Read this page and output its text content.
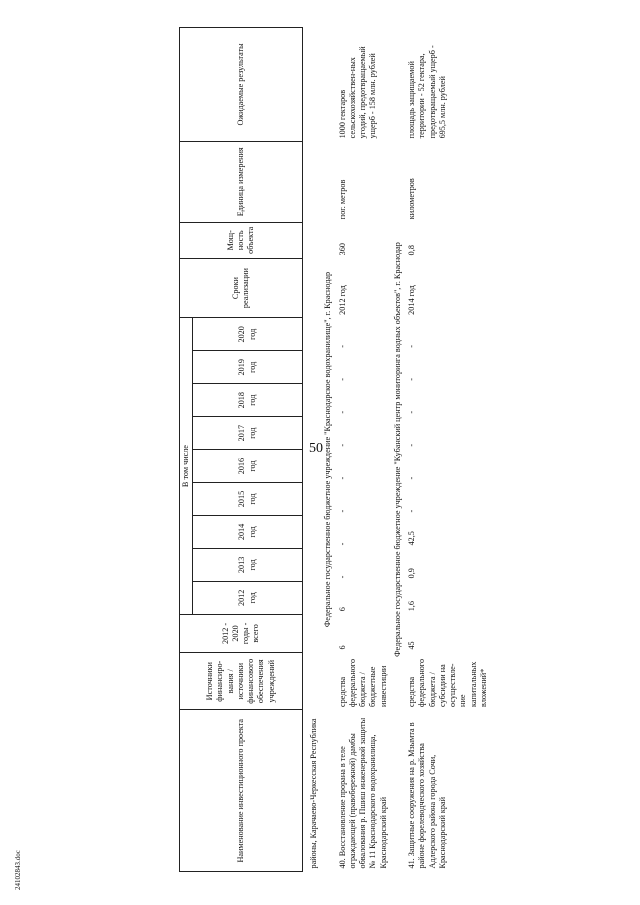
50
2410284З.doc
Наименование инвестиционного проекта	Источники финансиро-вания / источники финансового обеспечения учреждений	2012 - 2020 годы - всего	В том числе									Сроки реализации	Мощ-ность объекта	Единица измерения	Ожидаемые результаты
			2012 год	2013 год	2014 год	2015 год	2016 год	2017 год	2018 год	2019 год	2020 год				
районы, Карачаево-Черкесская Республика															
Федеральное государственное бюджетное учреждение "Краснодарское водохранилище", г. Краснодар															
40. Восстановление прорана в теле ограждающей (правобережной) дамбы обвалования р. Пшиш инженерной защиты № 11 Краснодарского водохранилища, Краснодарский край	средства федерального бюджета / бюджетные инвестиции	6	6	-	-	-	-	-	-	-	-	2012 год	360	пог. метров	1000 гектаров сельскохозяйствен-ных угодий, предотвращаемый ущерб - 158 млн. рублей
Федеральное государственное бюджетное учреждение "Кубанский центр мониторинга водных объектов", г. Краснодар															
41. Защитные сооружения на р. Мзымта в районе форелеводческого хозяйства Адлерского района города Сочи, Краснодарский край	средства федерального бюджета / субсидии на осуществле-ние капитальных вложений*	45	1,6	0,9	42,5	-	-	-	-	-	-	2014 год	0,8	километров	площадь защищаемой территории - 52 гектара, предотвращаемый ущерб - 695,5 млн. рублей
